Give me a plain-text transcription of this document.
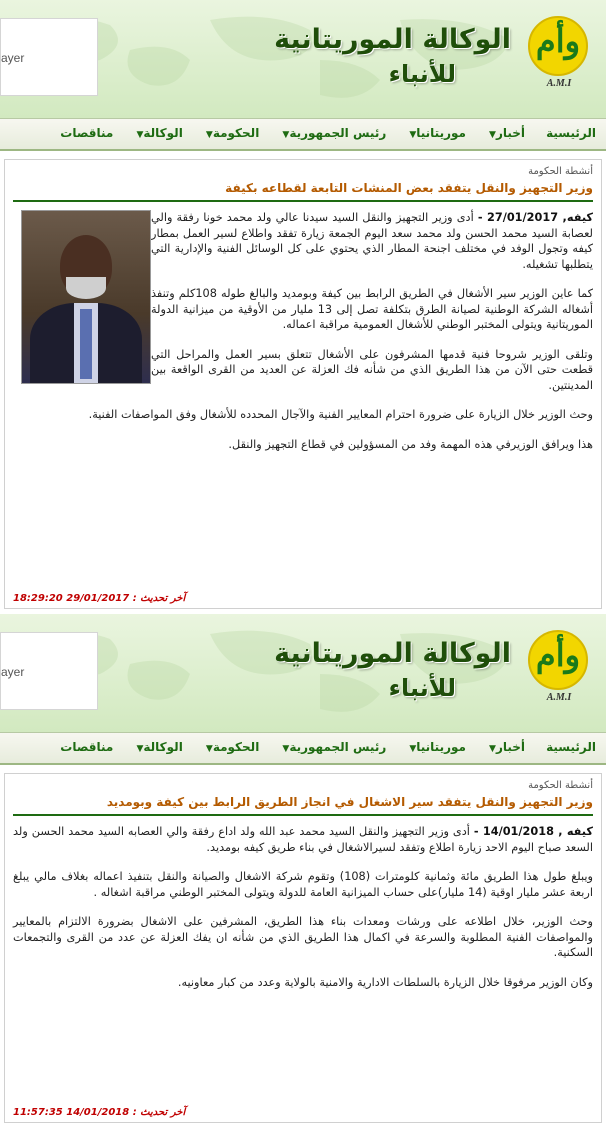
ayer
الوكالة الموريتانية
للأنباء
وأم
A.M.I
الرئيسية أخبار▼ موريتانيا▼ رئيس الجمهورية▼ الحكومة▼ الوكالة▼ مناقصات
أنشطة الحكومة
وزير التجهيز والنقل يتفقد بعض المنشات التابعة لقطاعه بكيفة

كيفه, 27/01/2017 - أدى وزير التجهيز والنقل السيد سيدنا عالي ولد محمد خونا رفقة والي لعصابة السيد محمد الحسن ولد محمد سعد اليوم الجمعة زيارة تفقد واطلاع لسير العمل بمطار كيفه وتجول الوفد في مختلف اجنحة المطار الذي يحتوي على كل الوسائل الفنية والإدارية التي يتطلبها تشغيله.

كما عاين الوزير سير الأشغال في الطريق الرابط بين كيفة وبومديد والبالغ طوله 108كلم وتنفذ أشغاله الشركة الوطنية لصيانة الطرق بتكلفة تصل إلى 13 مليار من الأوقية من ميزانية الدولة الموريتانية ويتولى المختبر الوطني للأشغال العمومية مراقبة اعماله.

وتلقى الوزير شروحا فنية قدمها المشرفون على الأشغال تتعلق بسير العمل والمراحل التي قطعت حتى الآن من هذا الطريق الذي من شأنه فك العزلة عن العديد من القرى الواقعة بين المدينتين.

وحث الوزير خلال الزيارة على ضرورة احترام المعايير الفنية والآجال المحدده للأشغال وفق المواصفات الفنية.

هذا ويرافق الوزيرفي هذه المهمة وفد من المسؤولين في قطاع التجهيز والنقل.

آخر تحديث : 29/01/2017 18:29:20
ayer
الوكالة الموريتانية
للأنباء
وأم
A.M.I
الرئيسية أخبار▼ موريتانيا▼ رئيس الجمهورية▼ الحكومة▼ الوكالة▼ مناقصات
أنشطة الحكومة
وزير التجهيز والنقل يتفقد سير الاشغال في انجاز الطريق الرابط بين كيفة وبومديد

كيفه , 14/01/2018 - أدى وزير التجهيز والنقل السيد محمد عبد الله ولد اداع رفقة والي العصابه السيد محمد الحسن ولد السعد صباح اليوم الاحد زيارة اطلاع وتفقد لسيرالاشغال في بناء طريق كيفه بومديد.

ويبلغ طول هذا الطريق مائة وثمانية كلومترات (108) وتقوم شركة الاشغال والصيانة والنقل بتنفيذ اعماله بغلاف مالي يبلغ اربعة عشر مليار اوقية (14 مليار)على حساب الميزانية العامة للدولة ويتولى المختبر الوطني مراقبة اشغاله .

وحث الوزير، خلال اطلاعه على ورشات ومعدات بناء هذا الطريق، المشرفين على الاشغال بضرورة الالتزام بالمعايير والمواصفات الفنية المطلوبة والسرعة في اكمال هذا الطريق الذي من شأنه ان يفك العزلة عن عدد من القرى والتجمعات السكنية.

وكان الوزير مرفوقا خلال الزيارة بالسلطات الادارية والامنية بالولاية وعدد من كبار معاونيه.

آخر تحديث : 14/01/2018 11:57:35
